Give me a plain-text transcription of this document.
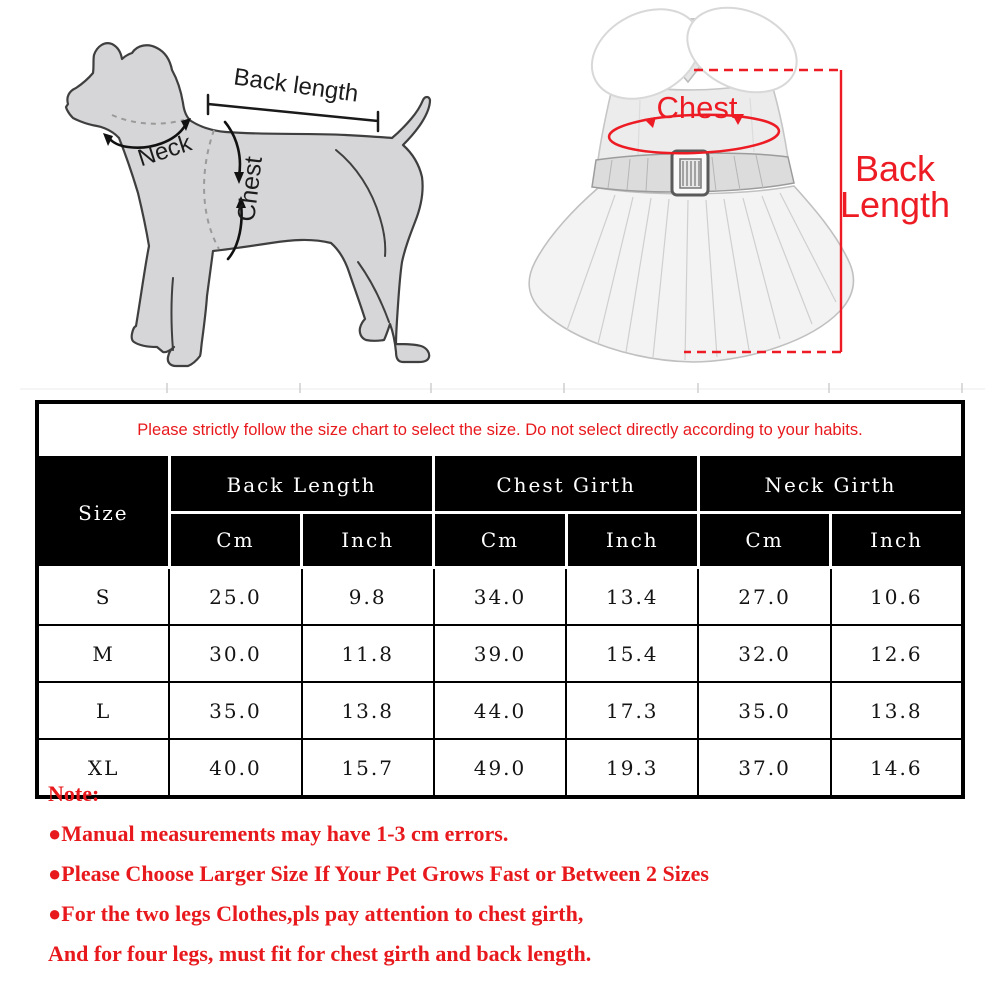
Back length
Neck
Chest
Chest
Back
Length
Please strictly follow the size chart to select the size. Do not select directly according to your habits.						
Size	Back Length		Chest Girth		Neck Girth	
	Cm	Inch	Cm	Inch	Cm	Inch
S	25.0	9.8	34.0	13.4	27.0	10.6
M	30.0	11.8	39.0	15.4	32.0	12.6
L	35.0	13.8	44.0	17.3	35.0	13.8
XL	40.0	15.7	49.0	19.3	37.0	14.6
Note:
●Manual measurements may have 1-3 cm errors.
●Please Choose Larger Size If Your Pet Grows Fast or Between 2 Sizes
●For the two legs Clothes,pls pay attention to chest girth,
And for four legs, must fit for chest girth and back length.
